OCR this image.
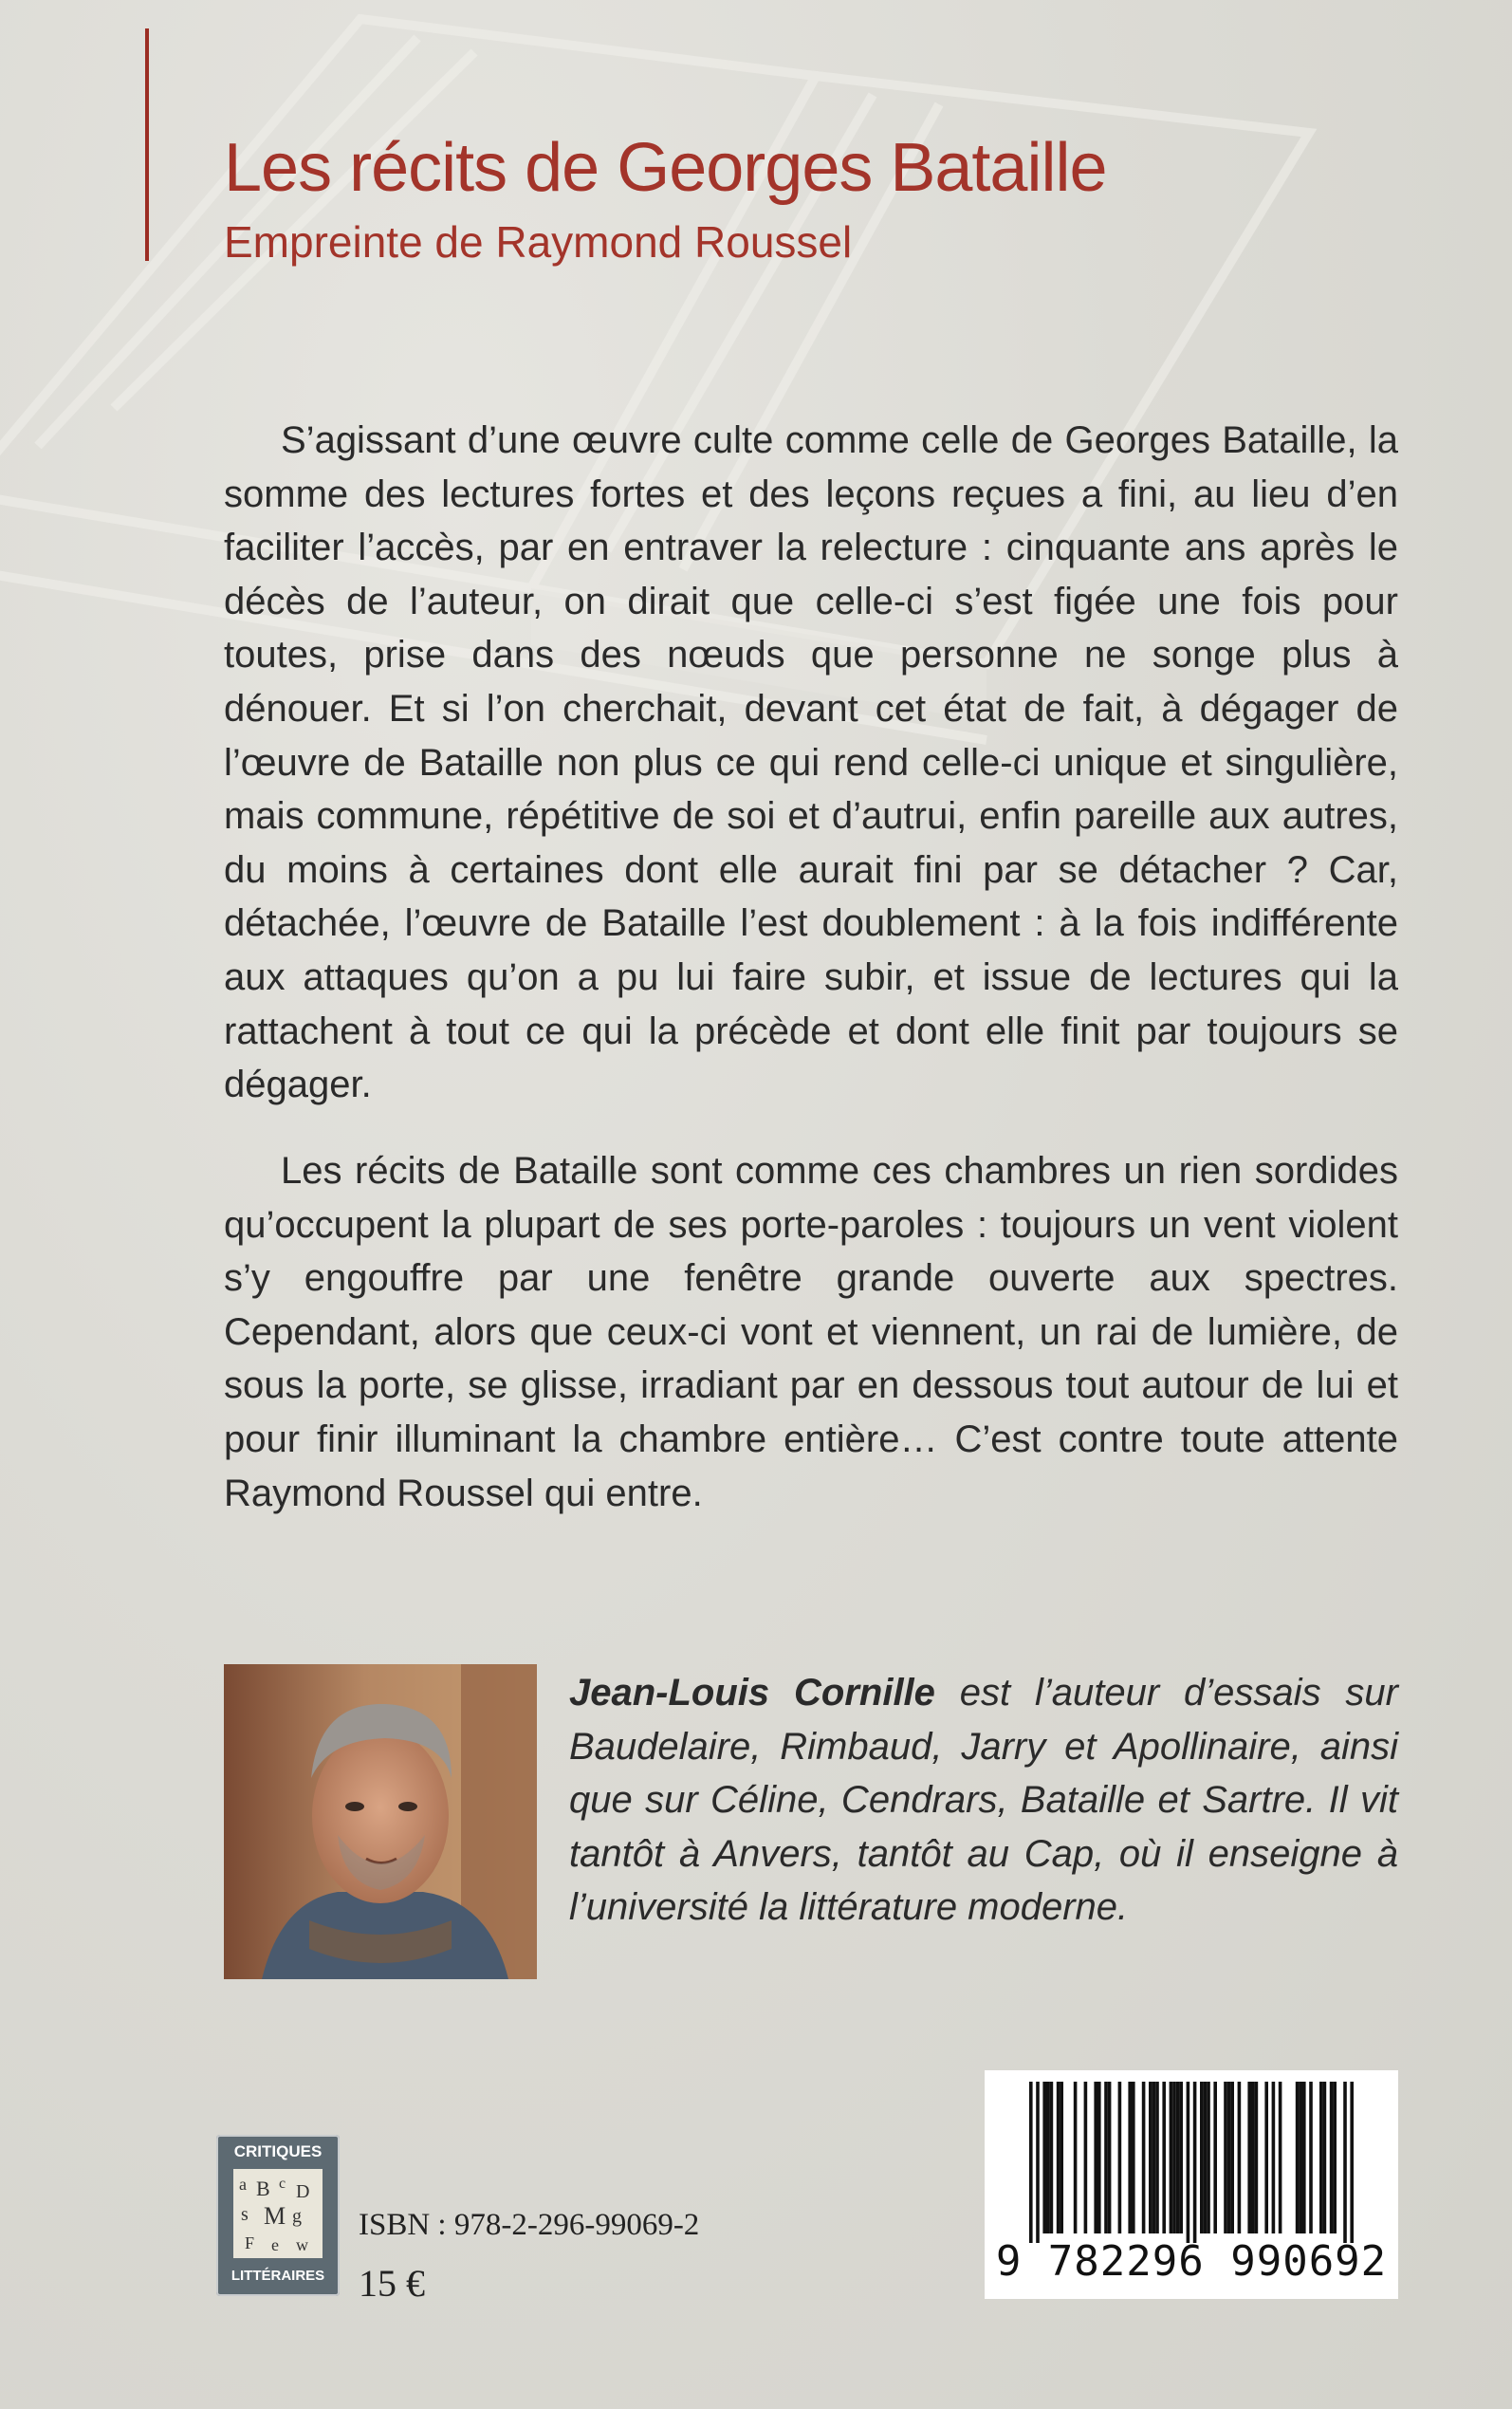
Les récits de Georges Bataille
Empreinte de Raymond Roussel

S’agissant d’une œuvre culte comme celle de Georges Bataille, la somme des lectures fortes et des leçons reçues a fini, au lieu d’en faciliter l’accès, par en entraver la relecture : cinquante ans après le décès de l’auteur, on dirait que celle-ci s’est figée une fois pour toutes, prise dans des nœuds que personne ne songe plus à dénouer. Et si l’on cherchait, devant cet état de fait, à dégager de l’œuvre de Bataille non plus ce qui rend celle-ci unique et singulière, mais commune, répétitive de soi et d’autrui, enfin pareille aux autres, du moins à certaines dont elle aurait fini par se détacher ? Car, détachée, l’œuvre de Bataille l’est doublement : à la fois indifférente aux attaques qu’on a pu lui faire subir, et issue de lectures qui la rattachent à tout ce qui la précède et dont elle finit par toujours se dégager.

Les récits de Bataille sont comme ces chambres un rien sordides qu’occupent la plupart de ses porte-paroles : toujours un vent violent s’y engouffre par une fenêtre grande ouverte aux spectres. Cependant, alors que ceux-ci vont et viennent, un rai de lumière, de sous la porte, se glisse, irradiant par en dessous tout autour de lui et pour finir illuminant la chambre entière… C’est contre toute attente Raymond Roussel qui entre.

Jean-Louis Cornille est l’auteur d’essais sur Baudelaire, Rimbaud, Jarry et Apollinaire, ainsi que sur Céline, Cendrars, Bataille et Sartre. Il vit tantôt à Anvers, tantôt au Cap, où il enseigne à l’université la littérature moderne.

CRITIQUES
a B c D
s M g
F e w
LITTÉRAIRES
ISBN : 978-2-296-99069-2
15 €	9 782296 990692
